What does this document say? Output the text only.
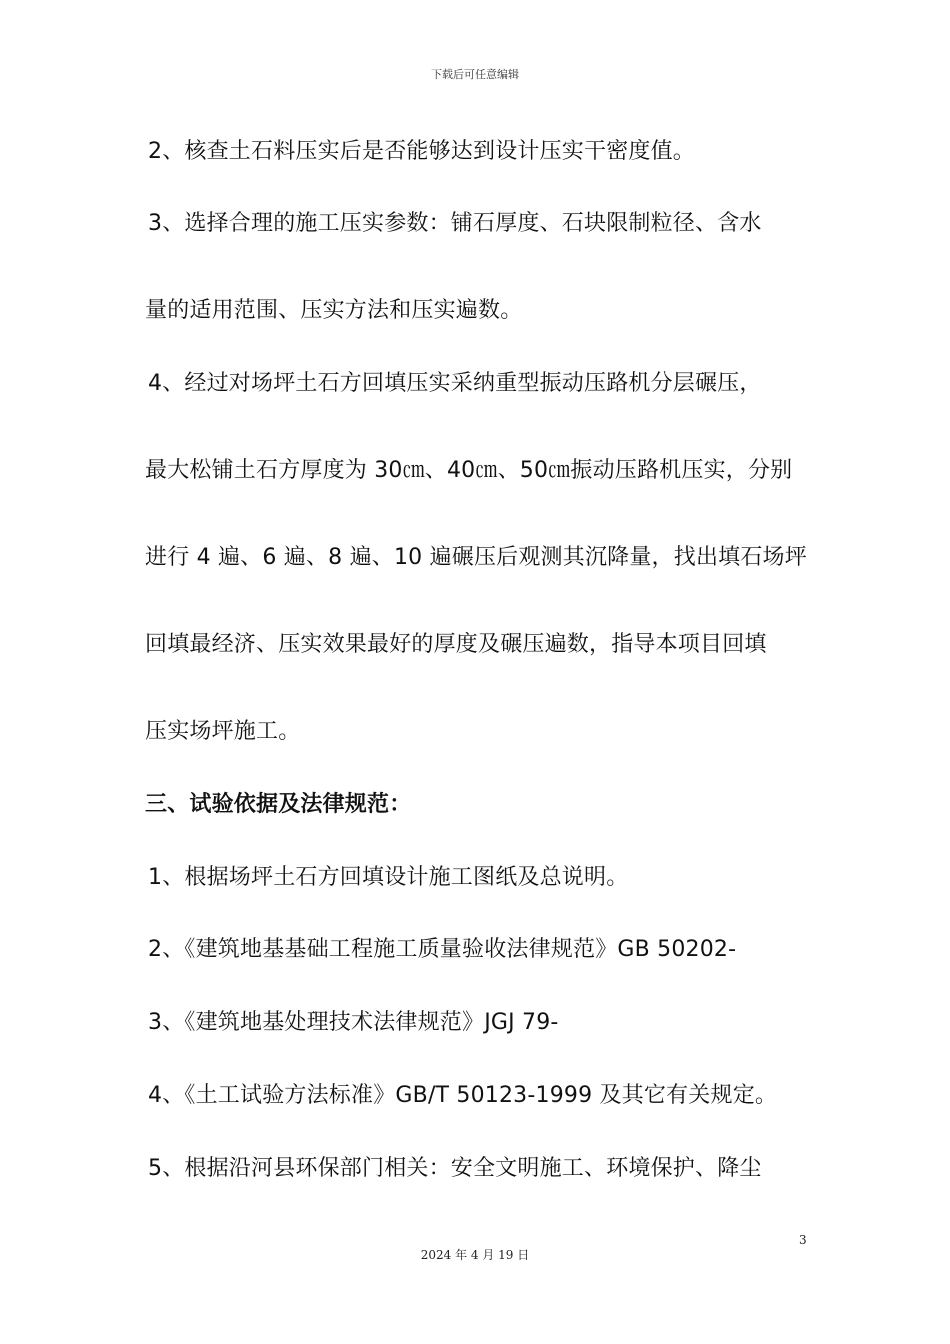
下载后可任意编辑
2、核查土石料压实后是否能够达到设计压实干密度值。
3、选择合理的施工压实参数：铺石厚度、石块限制粒径、含水
量的适用范围、压实方法和压实遍数。
4、经过对场坪土石方回填压实采纳重型振动压路机分层碾压，
最大松铺土石方厚度为 30㎝、40㎝、50㎝振动压路机压实，分别
进行 4 遍、6 遍、8 遍、10 遍碾压后观测其沉降量，找出填石场坪
回填最经济、压实效果最好的厚度及碾压遍数，指导本项目回填
压实场坪施工。
三、试验依据及法律规范：
1、根据场坪土石方回填设计施工图纸及总说明。
2、《建筑地基基础工程施工质量验收法律规范》GB 50202-
3、《建筑地基处理技术法律规范》JGJ 79-
4、《土工试验方法标准》GB/T 50123-1999 及其它有关规定。
5、根据沿河县环保部门相关：安全文明施工、环境保护、降尘
3
2024 年 4 月 19 日
